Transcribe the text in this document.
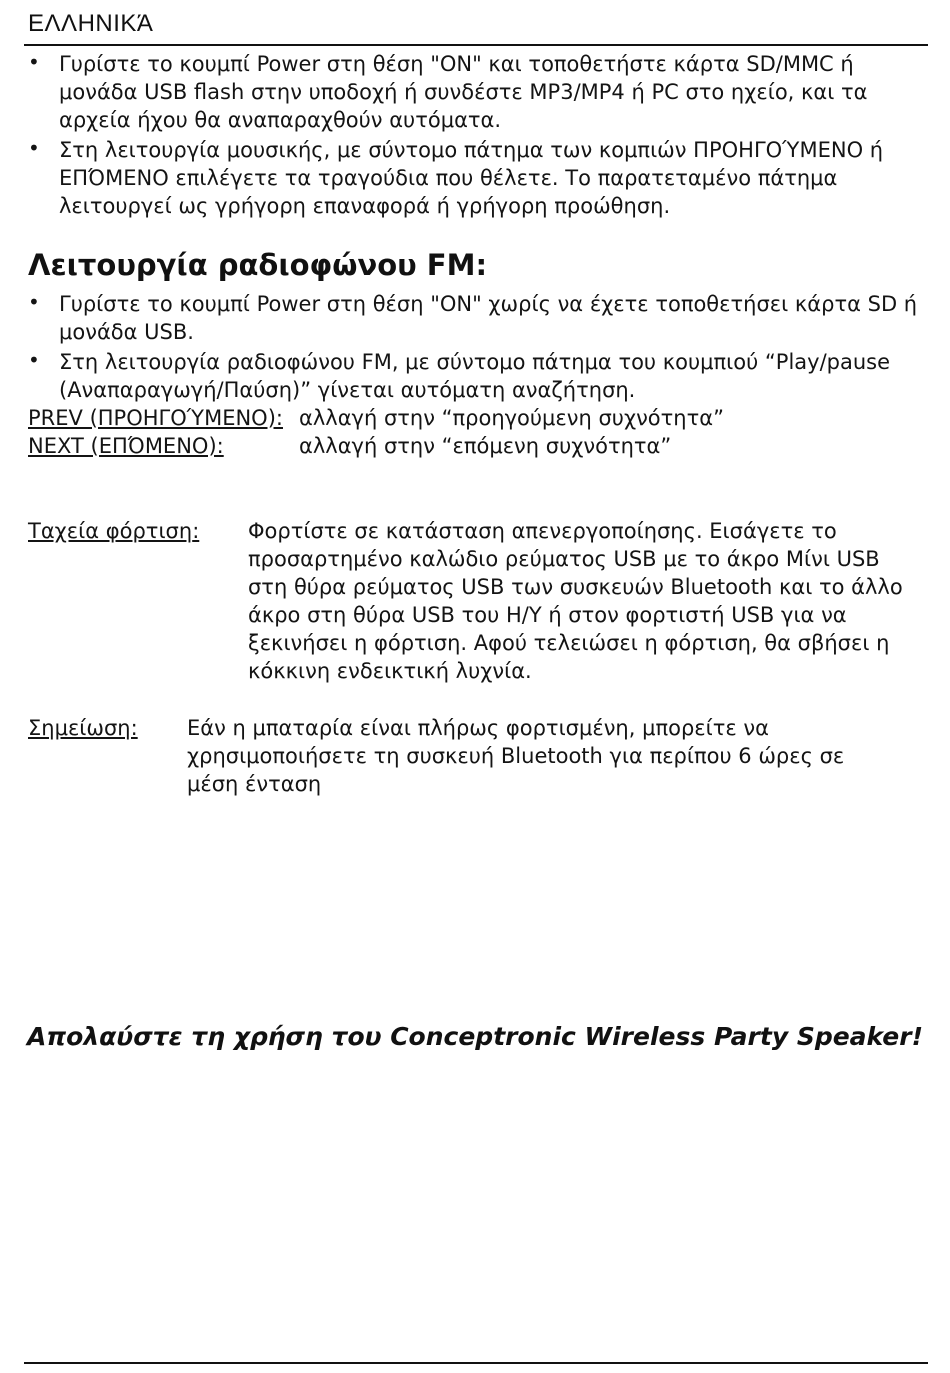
ΕΛΛΗΝΙΚΆ
• Γυρίστε το κουμπί Power στη θέση "ON" και τοποθετήστε κάρτα SD/MMC ή μονάδα USB flash στην υποδοχή ή συνδέστε MP3/MP4 ή PC στο ηχείο, και τα αρχεία ήχου θα αναπαραχθούν αυτόματα.
• Στη λειτουργία μουσικής, με σύντομο πάτημα των κομπιών ΠΡΟΗΓΟΎΜΕΝΟ ή ΕΠΌΜΕΝΟ επιλέγετε τα τραγούδια που θέλετε. Το παρατεταμένο πάτημα λειτουργεί ως γρήγορη επαναφορά ή γρήγορη προώθηση.
Λειτουργία ραδιοφώνου FM:
• Γυρίστε το κουμπί Power στη θέση "ON" χωρίς να έχετε τοποθετήσει κάρτα SD ή μονάδα USB.
• Στη λειτουργία ραδιοφώνου FM, με σύντομο πάτημα του κουμπιού “Play/pause (Αναπαραγωγή/Παύση)” γίνεται αυτόματη αναζήτηση.
PREV (ΠΡΟΗΓΟΎΜΕΝΟ): αλλαγή στην “προηγούμενη συχνότητα”
NEXT (ΕΠΌΜΕΝΟ):	αλλαγή στην “επόμενη συχνότητα”
Ταχεία φόρτιση: Φορτίστε σε κατάσταση απενεργοποίησης. Εισάγετε το προσαρτημένο καλώδιο ρεύματος USB με το άκρο Mίνι USB στη θύρα ρεύματος USB των συσκευών Bluetooth και το άλλο άκρο στη θύρα USB του Η/Υ ή στον φορτιστή USB για να ξεκινήσει η φόρτιση. Αφού τελειώσει η φόρτιση, θα σβήσει η κόκκινη ενδεικτική λυχνία.

Σημείωση: Εάν η μπαταρία είναι πλήρως φορτισμένη, μπορείτε να χρησιμοποιήσετε τη συσκευή Bluetooth για περίπου 6 ώρες σε μέση ένταση

Απολαύστε τη χρήση του Conceptronic Wireless Party Speaker!
